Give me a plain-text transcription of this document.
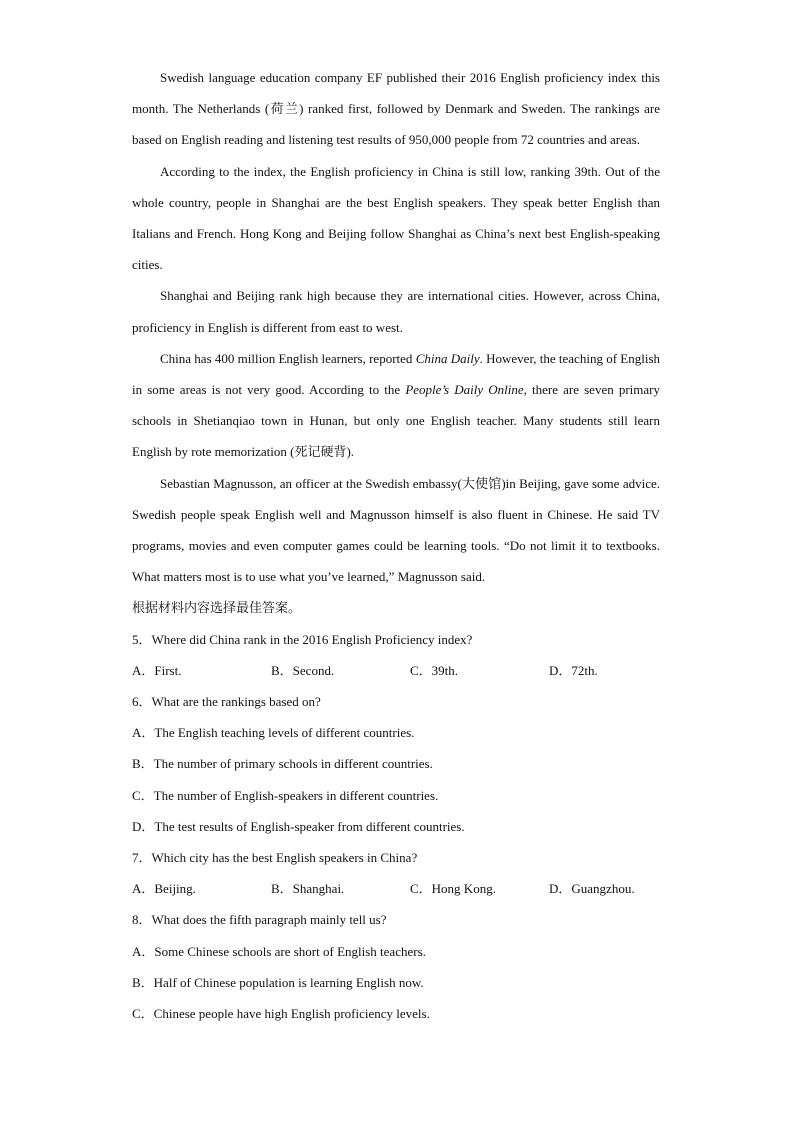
Swedish language education company EF published their 2016 English proficiency index this month. The Netherlands (荷兰) ranked first, followed by Denmark and Sweden. The rankings are based on English reading and listening test results of 950,000 people from 72 countries and areas.

According to the index, the English proficiency in China is still low, ranking 39th. Out of the whole country, people in Shanghai are the best English speakers. They speak better English than Italians and French. Hong Kong and Beijing follow Shanghai as China’s next best English-speaking cities.

Shanghai and Beijing rank high because they are international cities. However, across China, proficiency in English is different from east to west.

China has 400 million English learners, reported China Daily. However, the teaching of English in some areas is not very good. According to the People’s Daily Online, there are seven primary schools in Shetianqiao town in Hunan, but only one English teacher. Many students still learn English by rote memorization (死记硬背).

Sebastian Magnusson, an officer at the Swedish embassy(大使馆)in Beijing, gave some advice. Swedish people speak English well and Magnusson himself is also fluent in Chinese. He said TV programs, movies and even computer games could be learning tools. “Do not limit it to textbooks. What matters most is to use what you’ve learned,” Magnusson said.

根据材料内容选择最佳答案。

5．Where did China rank in the 2016 English Proficiency index?

A．First.	B．Second.	C．39th.	D．72th.

6．What are the rankings based on?

A．The English teaching levels of different countries.

B．The number of primary schools in different countries.

C．The number of English-speakers in different countries.

D．The test results of English-speaker from different countries.

7．Which city has the best English speakers in China?

A．Beijing.	B．Shanghai.	C．Hong Kong.	D．Guangzhou.

8．What does the fifth paragraph mainly tell us?

A．Some Chinese schools are short of English teachers.

B．Half of Chinese population is learning English now.

C．Chinese people have high English proficiency levels.
